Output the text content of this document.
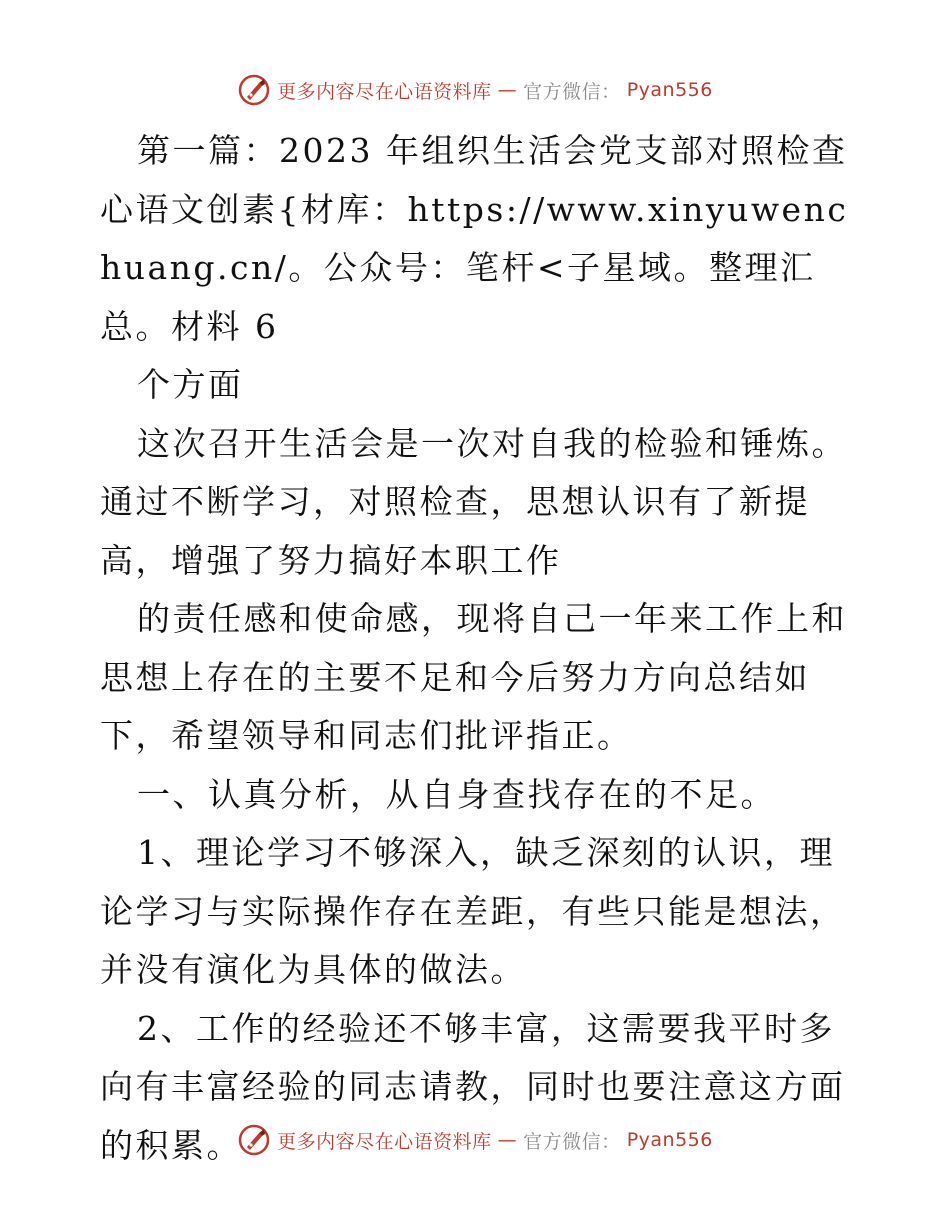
更多内容尽在心语资料库 — 官方微信： Pyan556

第一篇：2023 年组织生活会党支部对照检查心语文创素{材库：https://www.xinyuwenchuang.cn/。公众号：笔杆<子星域。整理汇总。材料 6

个方面

这次召开生活会是一次对自我的检验和锤炼。通过不断学习，对照检查，思想认识有了新提高，增强了努力搞好本职工作

的责任感和使命感，现将自己一年来工作上和思想上存在的主要不足和今后努力方向总结如下，希望领导和同志们批评指正。

一、认真分析，从自身查找存在的不足。

1、理论学习不够深入，缺乏深刻的认识，理论学习与实际操作存在差距，有些只能是想法，并没有演化为具体的做法。

2、工作的经验还不够丰富，这需要我平时多向有丰富经验的同志请教，同时也要注意这方面的积累。	更多内容尽在心语资料库 — 官方微信： Pyan556
